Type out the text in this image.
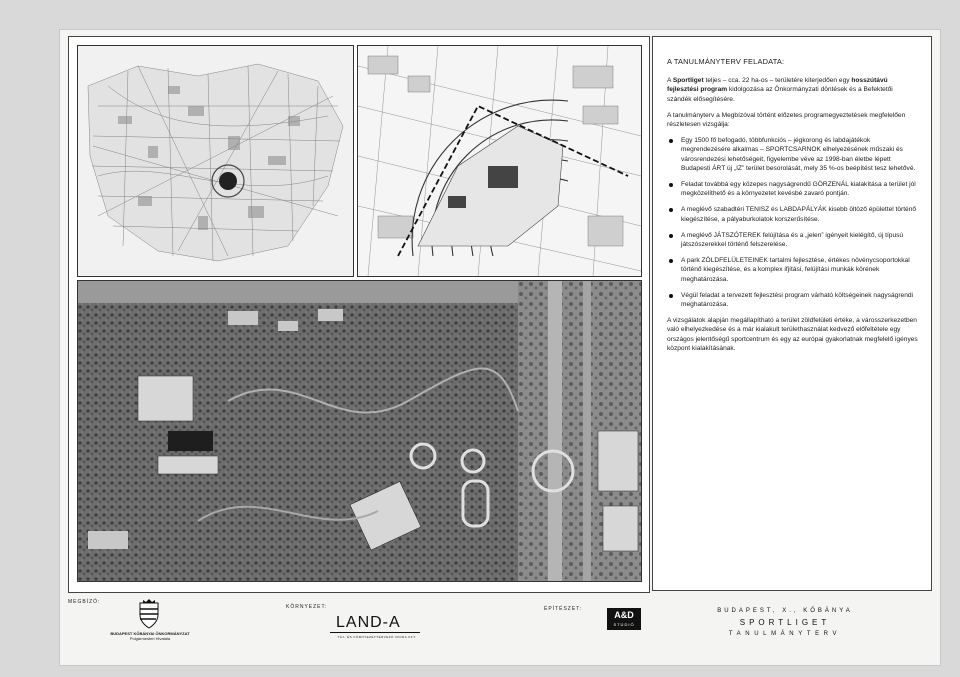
A TANULMÁNYTERV FELADATA:

A Sportliget teljes – cca. 22 ha-os – területére kiterjedően egy hosszútávú fejlesztési program kidolgozása az Önkormányzati döntések és a Befektetői szándék elősegítésére.

A tanulmányterv a Megbízóval történt előzetes programegyeztetések megfelelően részletesen vizsgálja:

Egy 1500 fő befogadó, többfunkciós – jégkorong és labdajátékok megrendezésére alkalmas – SPORTCSARNOK elhelyezésének műszaki és városrendezési lehetőségeit, figyelembe véve az 1998-ban életbe lépett Budapesti ÁRT új „IZ” terület besorolását, mely 35 %-os beépítést tesz lehetővé.
Feladat továbbá egy közepes nagyságrendű GÖRZENÁL kialakítása a terület jól megközelíthető és a környezetet kevésbé zavaró pontján.
A meglévő szabadtéri TENISZ és LABDAPÁLYÁK kisebb öltöző épülettel történő kiegészítése, a pályaburkolatok korszerűsítése.
A meglévő JÁTSZÓTEREK felújítása és a „jelen” igényeit kielégítő, új típusú játszószerekkel történő felszerelése.
A park ZÖLDFELÜLETEINEK tartalmi fejlesztése, értékes növénycsoportokkal történő kiegészítése, és a komplex ifjítási, felújítási munkák körének meghatározása.
Végül feladat a tervezett fejlesztési program várható költségeinek nagyságrendi meghatározása.

A vizsgálatok alapján megállapítható a terület zöldfelületi értéke, a városszerkezetben való elhelyezkedése és a már kialakult területhasználat kedvező előfeltétele egy országos jelentőségű sportcentrum és egy az európai gyakorlatnak megfelelő igényes központ kialakításának.

MEGBÍZÓ:
BUDAPEST KŐBÁNYAI ÖNKORMÁNYZAT
Polgármesteri Hivatala
KÖRNYEZET:
LAND-A
TÁJ- ÉS KÖRNYEZETTERVEZŐ IRODA KFT.
ÉPÍTÉSZET:
A&D
STÚDIÓ
BUDAPEST, X., KŐBÁNYA
SPORTLIGET
TANULMÁNYTERV
